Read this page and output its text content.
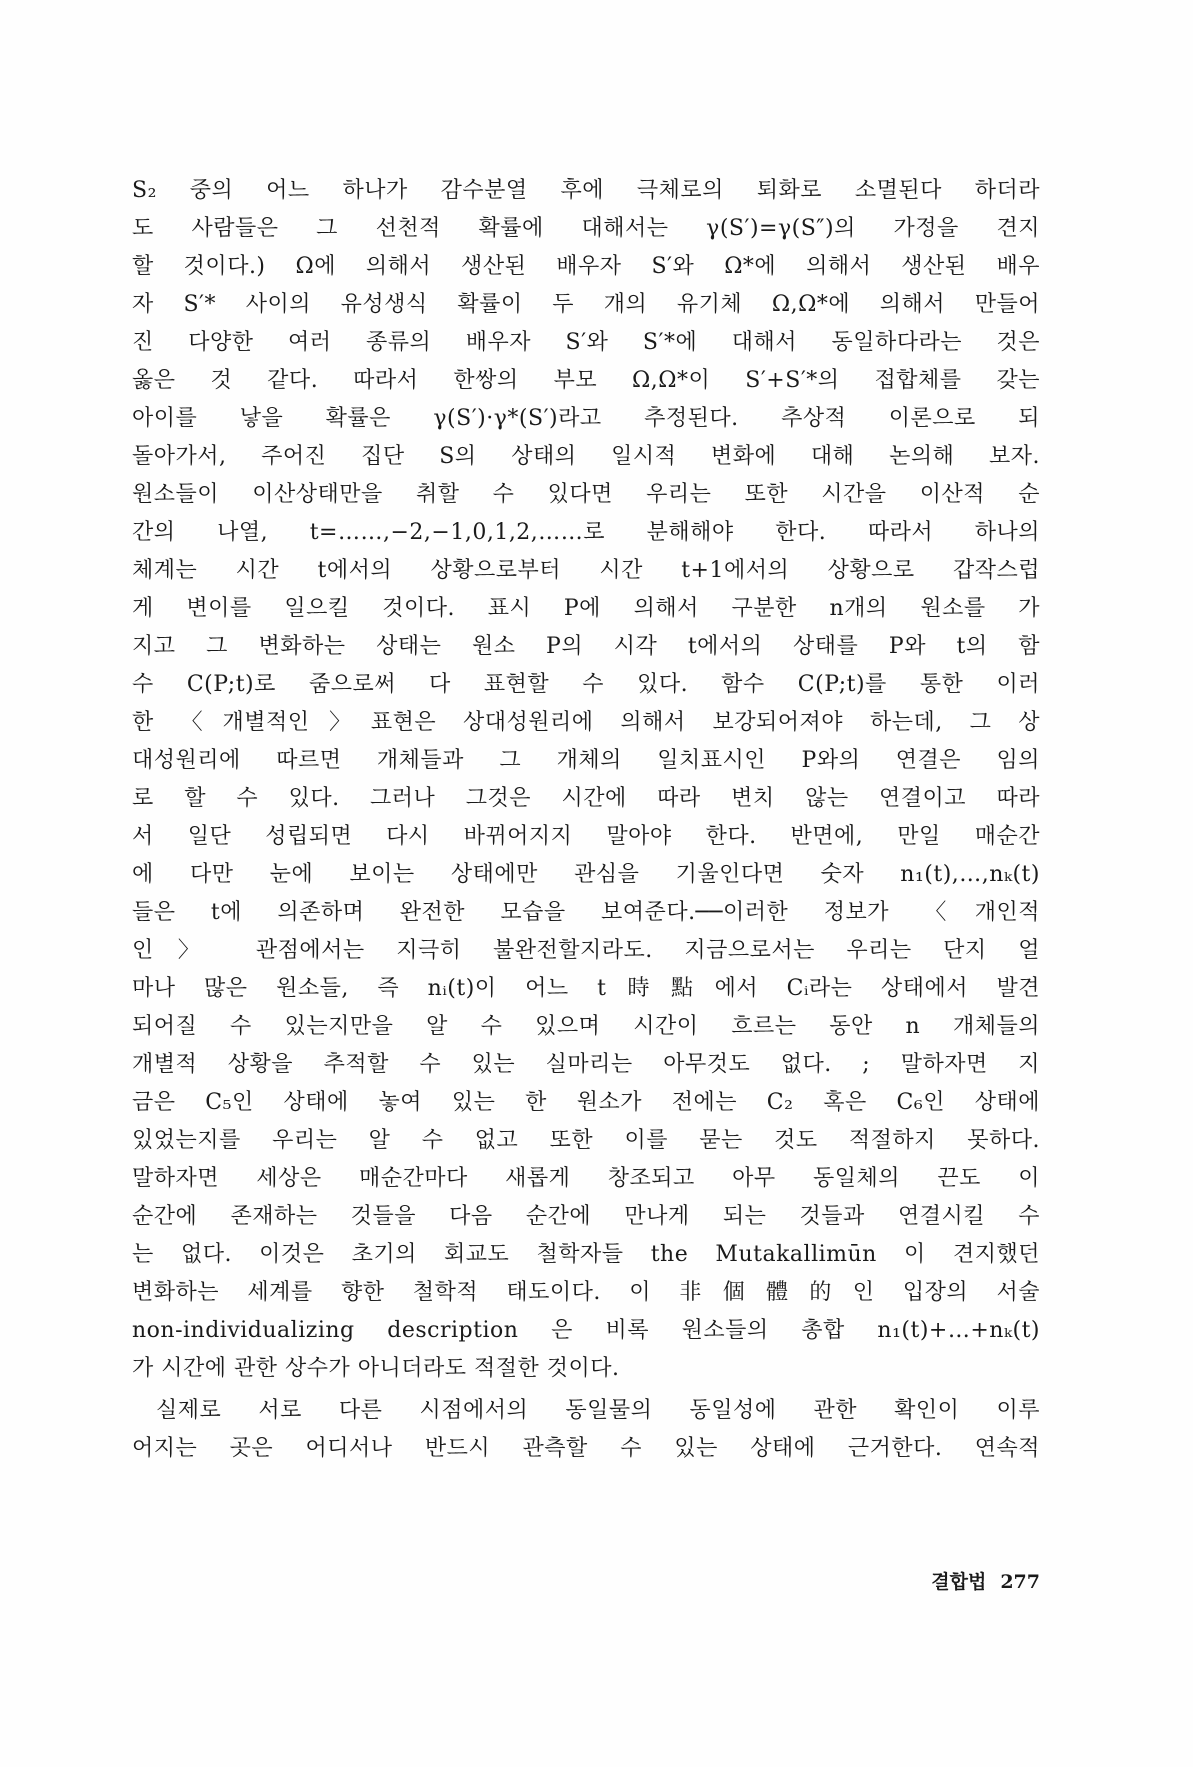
S₂ 중의 어느 하나가 감수분열 후에 극체로의 퇴화로 소멸된다 하더라
도 사람들은 그 선천적 확률에 대해서는 γ(S′)=γ(S″)의 가정을 견지
할 것이다.) Ω에 의해서 생산된 배우자 S′와 Ω*에 의해서 생산된 배우
자 S′* 사이의 유성생식 확률이 두 개의 유기체 Ω,Ω*에 의해서 만들어
진 다양한 여러 종류의 배우자 S′와 S′*에 대해서 동일하다라는 것은
옳은 것 같다. 따라서 한쌍의 부모 Ω,Ω*이 S′+S′*의 접합체를 갖는
아이를 낳을 확률은 γ(S′)·γ*(S′)라고 추정된다. 추상적 이론으로 되
돌아가서, 주어진 집단 S의 상태의 일시적 변화에 대해 논의해 보자.
원소들이 이산상태만을 취할 수 있다면 우리는 또한 시간을 이산적 순
간의 나열, t=……,−2,−1,0,1,2,……로 분해해야 한다. 따라서 하나의
체계는 시간 t에서의 상황으로부터 시간 t+1에서의 상황으로 갑작스럽
게 변이를 일으킬 것이다. 표시 P에 의해서 구분한 n개의 원소를 가
지고 그 변화하는 상태는 원소 P의 시각 t에서의 상태를 P와 t의 함
수 C(P;t)로 줌으로써 다 표현할 수 있다. 함수 C(P;t)를 통한 이러
한 〈개별적인〉표현은 상대성원리에 의해서 보강되어져야 하는데, 그 상
대성원리에 따르면 개체들과 그 개체의 일치표시인 P와의 연결은 임의
로 할 수 있다. 그러나 그것은 시간에 따라 변치 않는 연결이고 따라
서 일단 성립되면 다시 바뀌어지지 말아야 한다. 반면에, 만일 매순간
에 다만 눈에 보이는 상태에만 관심을 기울인다면 숫자 n₁(t),…,nₖ(t)
들은 t에 의존하며 완전한 모습을 보여준다.──이러한 정보가 〈개인적
인〉 관점에서는 지극히 불완전할지라도. 지금으로서는 우리는 단지 얼
마나 많은 원소들, 즉 nᵢ(t)이 어느 t時點에서 Cᵢ라는 상태에서 발견
되어질 수 있는지만을 알 수 있으며 시간이 흐르는 동안 n 개체들의
개별적 상황을 추적할 수 있는 실마리는 아무것도 없다. ; 말하자면 지
금은 C₅인 상태에 놓여 있는 한 원소가 전에는 C₂ 혹은 C₆인 상태에
있었는지를 우리는 알 수 없고 또한 이를 묻는 것도 적절하지 못하다.
말하자면 세상은 매순간마다 새롭게 창조되고 아무 동일체의 끈도 이
순간에 존재하는 것들을 다음 순간에 만나게 되는 것들과 연결시킬 수
는 없다. 이것은 초기의 회교도 철학자들 the Mutakallimūn 이 견지했던
변화하는 세계를 향한 철학적 태도이다. 이 非個體的인 입장의 서술
non-individualizing description 은 비록 원소들의 총합 n₁(t)+…+nₖ(t)
가 시간에 관한 상수가 아니더라도 적절한 것이다.
실제로 서로 다른 시점에서의 동일물의 동일성에 관한 확인이 이루
어지는 곳은 어디서나 반드시 관측할 수 있는 상태에 근거한다. 연속적
결합법 277
